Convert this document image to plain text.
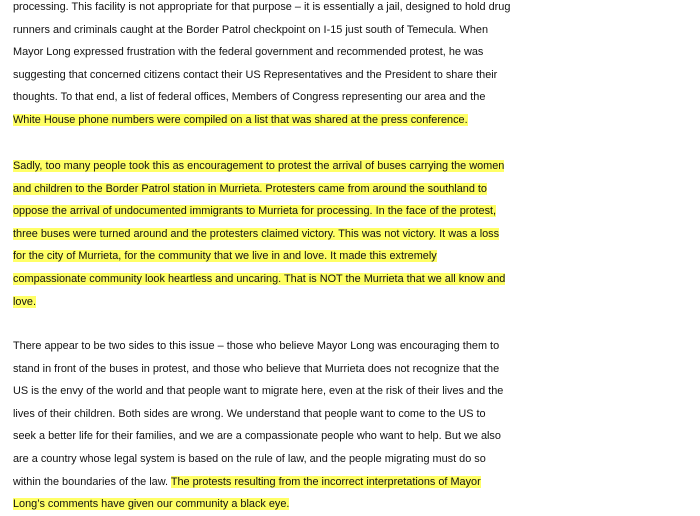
processing. This facility is not appropriate for that purpose – it is essentially a jail, designed to hold drug
runners and criminals caught at the Border Patrol checkpoint on I-15 just south of Temecula. When
Mayor Long expressed frustration with the federal government and recommended protest, he was
suggesting that concerned citizens contact their US Representatives and the President to share their
thoughts. To that end, a list of federal offices, Members of Congress representing our area and the
White House phone numbers were compiled on a list that was shared at the press conference.
Sadly, too many people took this as encouragement to protest the arrival of buses carrying the women
and children to the Border Patrol station in Murrieta. Protesters came from around the southland to
oppose the arrival of undocumented immigrants to Murrieta for processing. In the face of the protest,
three buses were turned around and the protesters claimed victory. This was not victory. It was a loss
for the city of Murrieta, for the community that we live in and love. It made this extremely
compassionate community look heartless and uncaring. That is NOT the Murrieta that we all know and
love.
There appear to be two sides to this issue – those who believe Mayor Long was encouraging them to
stand in front of the buses in protest, and those who believe that Murrieta does not recognize that the
US is the envy of the world and that people want to migrate here, even at the risk of their lives and the
lives of their children. Both sides are wrong. We understand that people want to come to the US to
seek a better life for their families, and we are a compassionate people who want to help. But we also
are a country whose legal system is based on the rule of law, and the people migrating must do so
within the boundaries of the law. The protests resulting from the incorrect interpretations of Mayor
Long’s comments have given our community a black eye.
